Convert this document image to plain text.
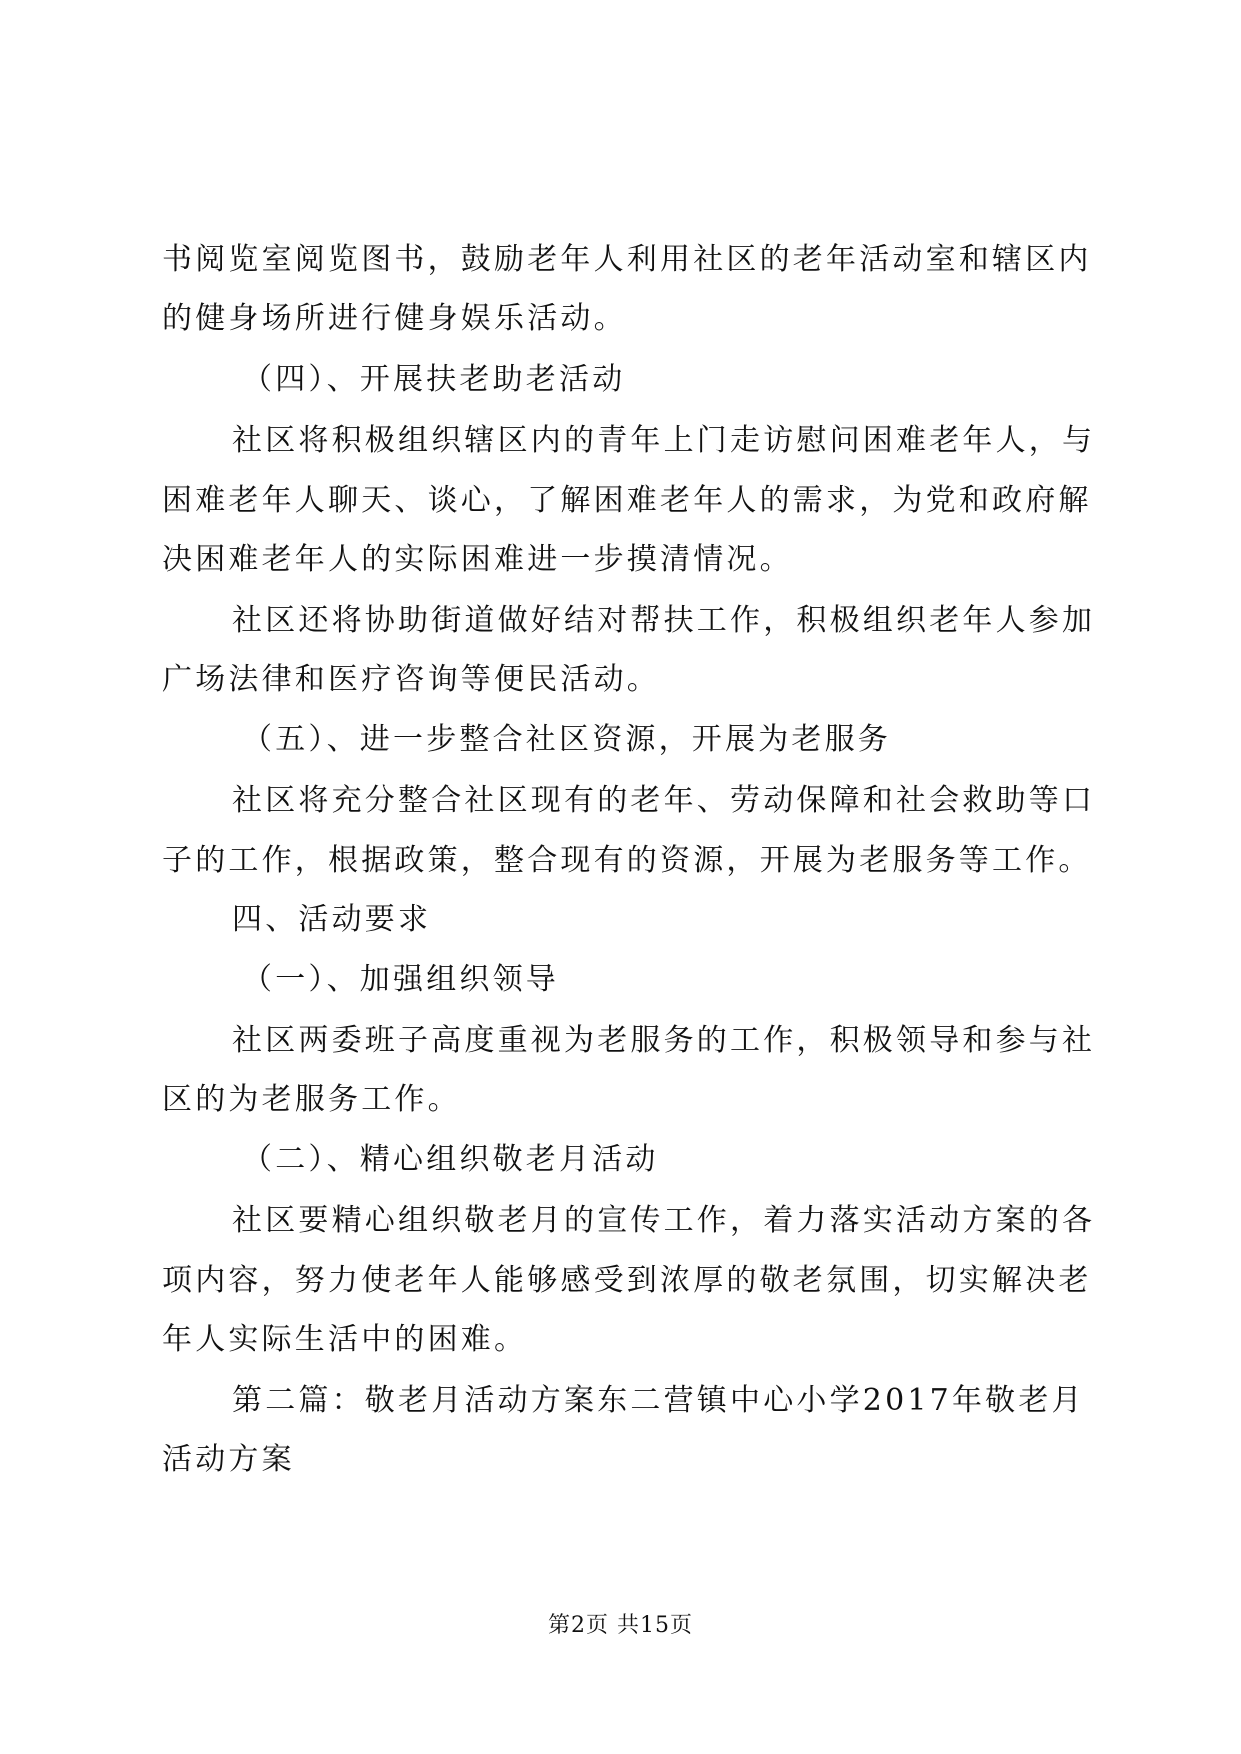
书阅览室阅览图书，鼓励老年人利用社区的老年活动室和辖区内
的健身场所进行健身娱乐活动。
（四）、开展扶老助老活动
社区将积极组织辖区内的青年上门走访慰问困难老年人，与
困难老年人聊天、谈心，了解困难老年人的需求，为党和政府解
决困难老年人的实际困难进一步摸清情况。
社区还将协助街道做好结对帮扶工作，积极组织老年人参加
广场法律和医疗咨询等便民活动。
（五）、进一步整合社区资源，开展为老服务
社区将充分整合社区现有的老年、劳动保障和社会救助等口
子的工作，根据政策，整合现有的资源，开展为老服务等工作。
四、活动要求
（一）、加强组织领导
社区两委班子高度重视为老服务的工作，积极领导和参与社
区的为老服务工作。
（二）、精心组织敬老月活动
社区要精心组织敬老月的宣传工作，着力落实活动方案的各
项内容，努力使老年人能够感受到浓厚的敬老氛围，切实解决老
年人实际生活中的困难。
第二篇：敬老月活动方案东二营镇中心小学2017年敬老月
活动方案
第2页 共15页
